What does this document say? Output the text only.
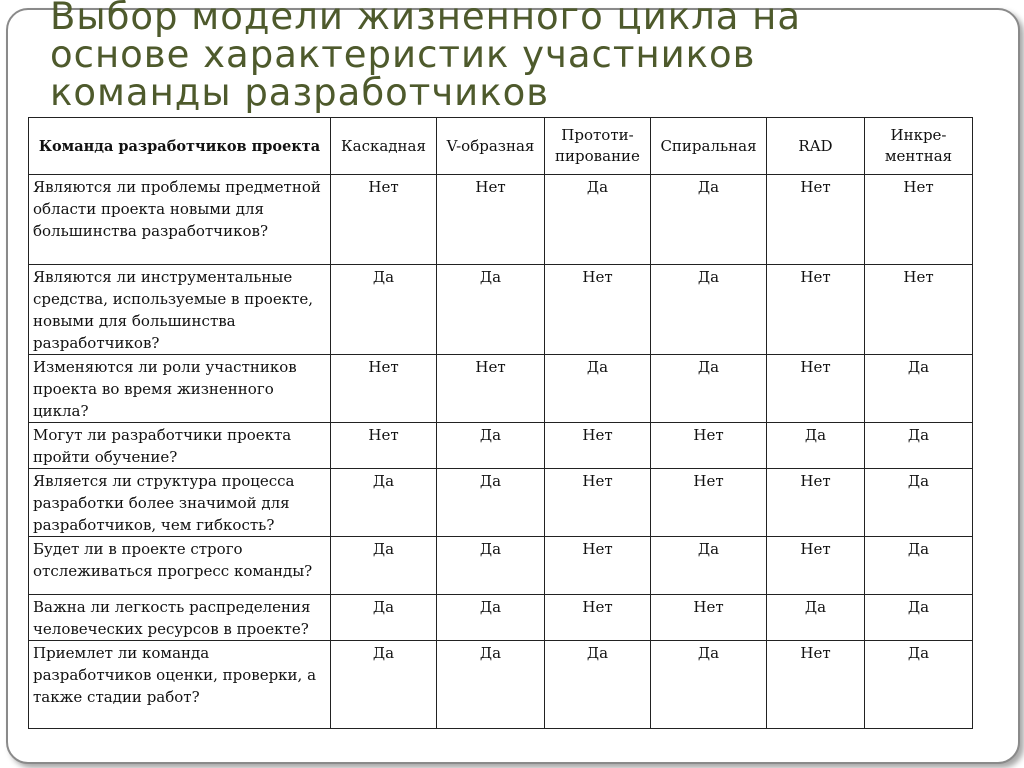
Выбор модели жизненного цикла на
основе характеристик участников
команды разработчиков
Команда разработчиков проекта	Каскадная	V-образная	Прототи-пирование	Спиральная	RAD	Инкре-ментная
Являются ли проблемы предметной области проекта новыми для большинства разработчиков?	Нет	Нет	Да	Да	Нет	Нет
Являются ли инструментальные средства, используемые в проекте, новыми для большинства разработчиков?	Да	Да	Нет	Да	Нет	Нет
Изменяются ли роли участников проекта во время жизненного цикла?	Нет	Нет	Да	Да	Нет	Да
Могут ли разработчики проекта пройти обучение?	Нет	Да	Нет	Нет	Да	Да
Является ли структура процесса разработки более значимой для разработчиков, чем гибкость?	Да	Да	Нет	Нет	Нет	Да
Будет ли в проекте строго отслеживаться прогресс команды?	Да	Да	Нет	Да	Нет	Да
Важна ли легкость распределения человеческих ресурсов в проекте?	Да	Да	Нет	Нет	Да	Да
Приемлет ли команда разработчиков оценки, проверки, а также стадии работ?	Да	Да	Да	Да	Нет	Да
